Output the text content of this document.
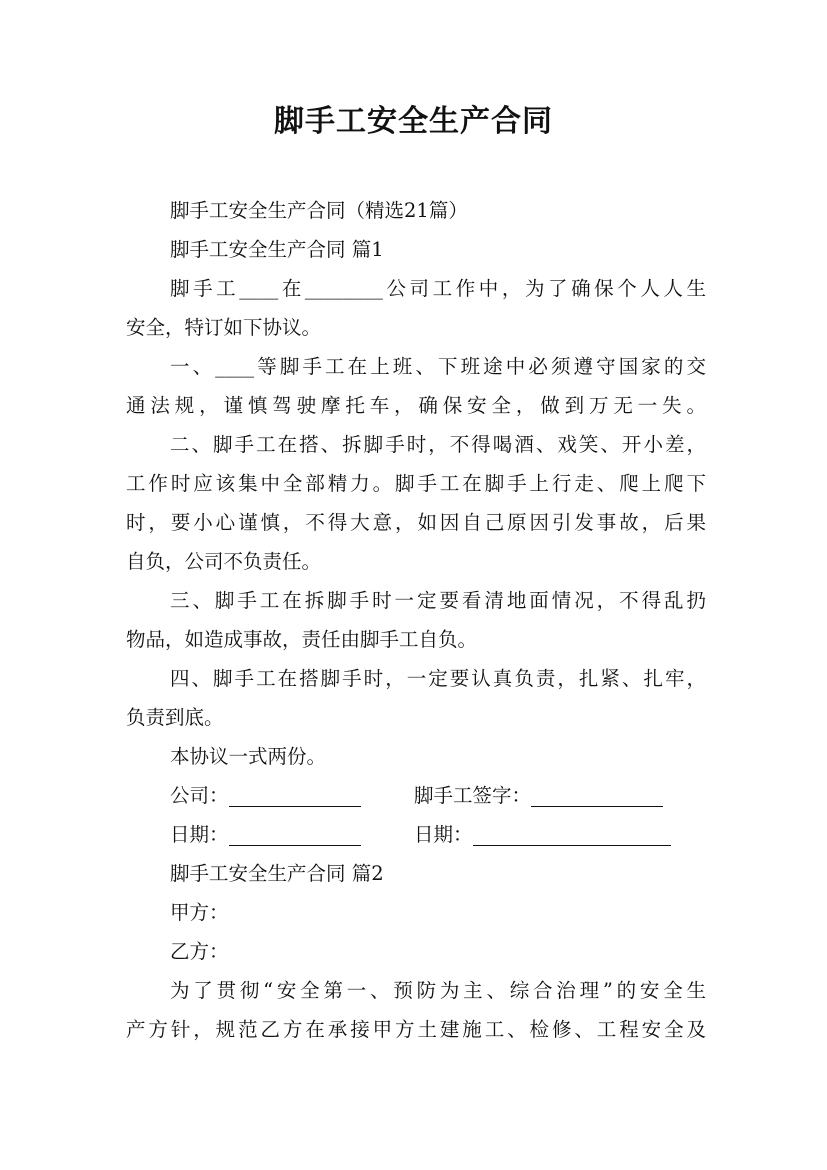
脚手工安全生产合同
脚手工安全生产合同（精选21篇）
脚手工安全生产合同 篇1
脚手工____在________公司工作中，为了确保个人人生
安全，特订如下协议。
一、____等脚手工在上班、下班途中必须遵守国家的交
通法规，谨慎驾驶摩托车，确保安全，做到万无一失。
二、脚手工在搭、拆脚手时，不得喝酒、戏笑、开小差，
工作时应该集中全部精力。脚手工在脚手上行走、爬上爬下
时，要小心谨慎，不得大意，如因自己原因引发事故，后果
自负，公司不负责任。
三、脚手工在拆脚手时一定要看清地面情况，不得乱扔
物品，如造成事故，责任由脚手工自负。
四、脚手工在搭脚手时，一定要认真负责，扎紧、扎牢，
负责到底。
本协议一式两份。
公司：	脚手工签字：
日期：	日期：
脚手工安全生产合同 篇2
甲方：
乙方：
为了贯彻“安全第一、预防为主、综合治理”的安全生
产方针，规范乙方在承接甲方土建施工、检修、工程安全及
